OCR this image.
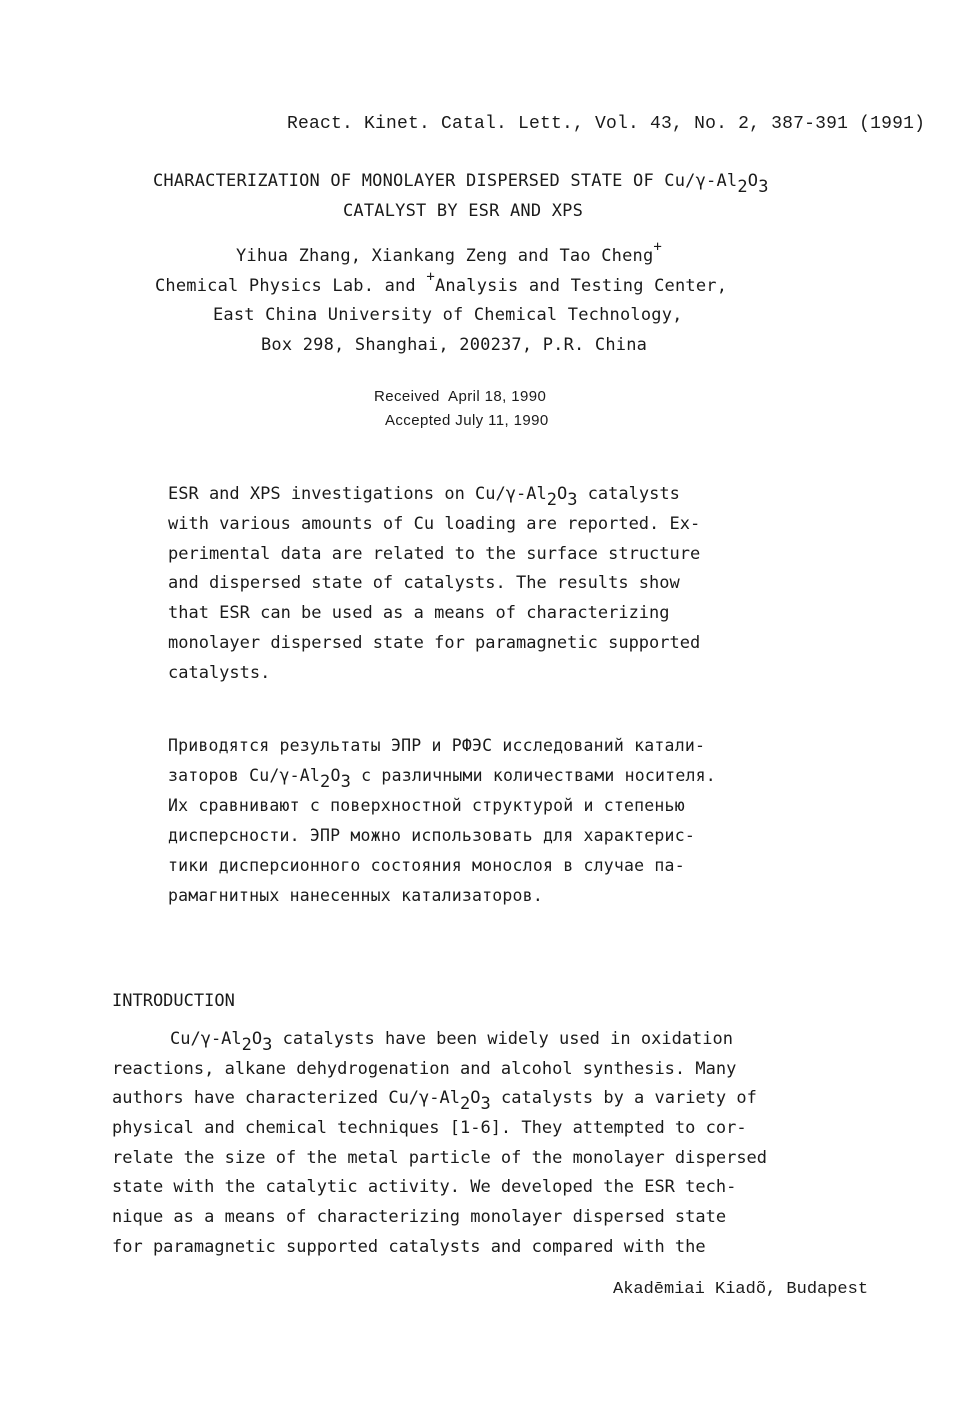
React. Kinet. Catal. Lett., Vol. 43, No. 2, 387-391 (1991)
CHARACTERIZATION OF MONOLAYER DISPERSED STATE OF $Cu/\gamma-Al_2O_3$
CATALYST BY ESR AND XPS
Yihua Zhang, Xiankang Zeng and Tao Cheng+
Chemical Physics Lab. and +Analysis and Testing Center,
East China University of Chemical Technology,
Box 298, Shanghai, 200237, P.R. China
Received  April 18, 1990
Accepted July 11, 1990
ESR and XPS investigations on $Cu/\gamma-Al_2O_3$ catalysts
with various amounts of Cu loading are reported. Ex-
perimental data are related to the surface structure
and dispersed state of catalysts. The results show
that ESR can be used as a means of characterizing
monolayer dispersed state for paramagnetic supported
catalysts.
Приводятся результаты ЭПР и РФЭС исследований катали-
заторов $Cu/\gamma-Al_2O_3$ с различными количествами носителя.
Их сравнивают с поверхностной структурой и степенью
дисперсности. ЭПР можно использовать для характерис-
тики дисперсионного состояния монослоя в случае па-
рамагнитных нанесенных катализаторов.
INTRODUCTION
$Cu/\gamma-Al_2O_3$ catalysts have been widely used in oxidation
reactions, alkane dehydrogenation and alcohol synthesis. Many
authors have characterized $Cu/\gamma-Al_2O_3$ catalysts by a variety of
physical and chemical techniques [1-6]. They attempted to cor-
relate the size of the metal particle of the monolayer dispersed
state with the catalytic activity. We developed the ESR tech-
nique as a means of characterizing monolayer dispersed state
for paramagnetic supported catalysts and compared with the
Akadēmiai Kiadõ, Budapest
